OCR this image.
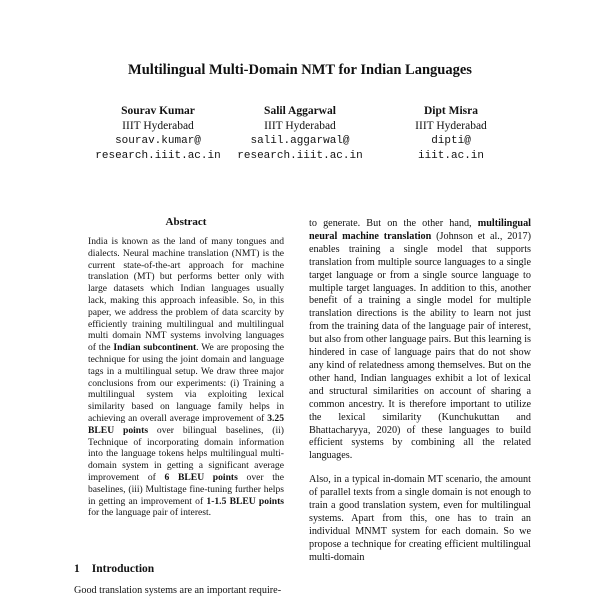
Multilingual Multi-Domain NMT for Indian Languages
Sourav Kumar
IIIT Hyderabad
sourav.kumar@
research.iiit.ac.in
Salil Aggarwal
IIIT Hyderabad
salil.aggarwal@
research.iiit.ac.in
Dipt Misra
IIIT Hyderabad
dipti@
iiit.ac.in
Abstract

India is known as the land of many tongues and dialects. Neural machine translation (NMT) is the current state-of-the-art approach for machine translation (MT) but performs better only with large datasets which Indian languages usually lack, making this approach infeasible. So, in this paper, we address the problem of data scarcity by efficiently training multilingual and multilingual multi domain NMT systems involving languages of the Indian subcontinent. We are proposing the technique for using the joint domain and language tags in a multilingual setup. We draw three major conclusions from our experiments: (i) Training a multilingual system via exploiting lexical similarity based on language family helps in achieving an overall average improvement of 3.25 BLEU points over bilingual baselines, (ii) Technique of incorporating domain information into the language tokens helps multilingual multi-domain system in getting a significant average improvement of 6 BLEU points over the baselines, (iii) Multistage fine-tuning further helps in getting an improvement of 1-1.5 BLEU points for the language pair of interest.

1 Introduction
Good translation systems are an important require-

to generate. But on the other hand, multilingual neural machine translation (Johnson et al., 2017) enables training a single model that supports translation from multiple source languages to a single target language or from a single source language to multiple target languages. In addition to this, another benefit of a training a single model for multiple translation directions is the ability to learn not just from the training data of the language pair of interest, but also from other language pairs. But this learning is hindered in case of language pairs that do not show any kind of relatedness among themselves. But on the other hand, Indian languages exhibit a lot of lexical and structural similarities on account of sharing a common ancestry. It is therefore important to utilize the lexical similarity (Kunchukuttan and Bhattacharyya, 2020) of these languages to build efficient systems by combining all the related languages.

Also, in a typical in-domain MT scenario, the amount of parallel texts from a single domain is not enough to train a good translation system, even for multilingual systems. Apart from this, one has to train an individual MNMT system for each domain. So we propose a technique for creating efficient multilingual multi-domain
